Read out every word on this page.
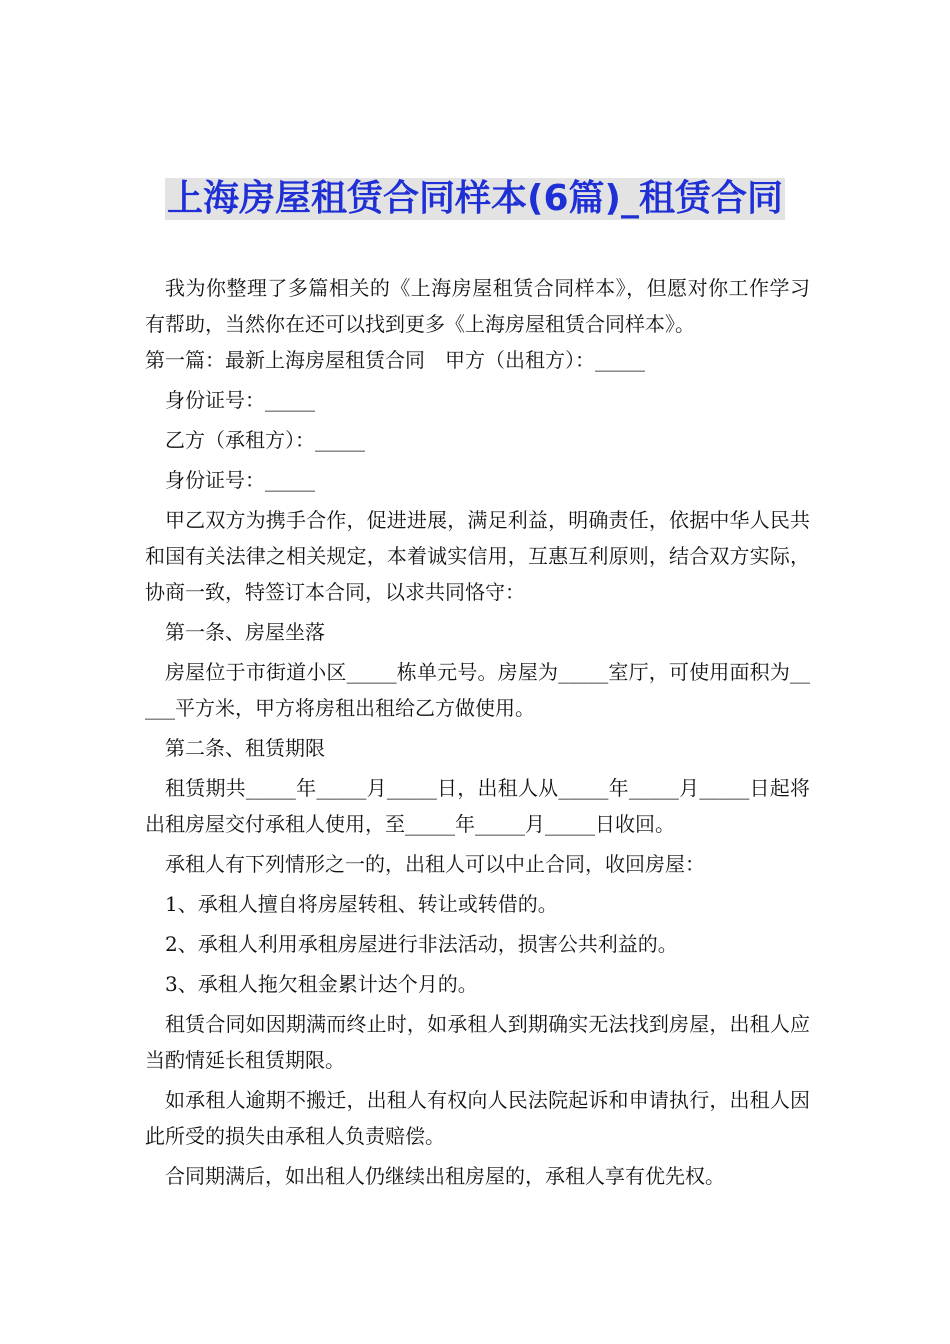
上海房屋租赁合同样本(6篇)_租赁合同

我为你整理了多篇相关的《上海房屋租赁合同样本》，但愿对你工作学习有帮助，当然你在还可以找到更多《上海房屋租赁合同样本》。

第一篇：最新上海房屋租赁合同　甲方（出租方）：_____

身份证号：_____

乙方（承租方）：_____

身份证号：_____

甲乙双方为携手合作，促进进展，满足利益，明确责任，依据中华人民共和国有关法律之相关规定，本着诚实信用，互惠互利原则，结合双方实际，协商一致，特签订本合同，以求共同恪守：

第一条、房屋坐落

房屋位于市街道小区_____栋单元号。房屋为_____室厅，可使用面积为_____平方米，甲方将房租出租给乙方做使用。

第二条、租赁期限

租赁期共_____年_____月_____日，出租人从_____年_____月_____日起将出租房屋交付承租人使用，至_____年_____月_____日收回。

承租人有下列情形之一的，出租人可以中止合同，收回房屋：

1、承租人擅自将房屋转租、转让或转借的。

2、承租人利用承租房屋进行非法活动，损害公共利益的。

3、承租人拖欠租金累计达个月的。

租赁合同如因期满而终止时，如承租人到期确实无法找到房屋，出租人应当酌情延长租赁期限。

如承租人逾期不搬迁，出租人有权向人民法院起诉和申请执行，出租人因此所受的损失由承租人负责赔偿。

合同期满后，如出租人仍继续出租房屋的，承租人享有优先权。
